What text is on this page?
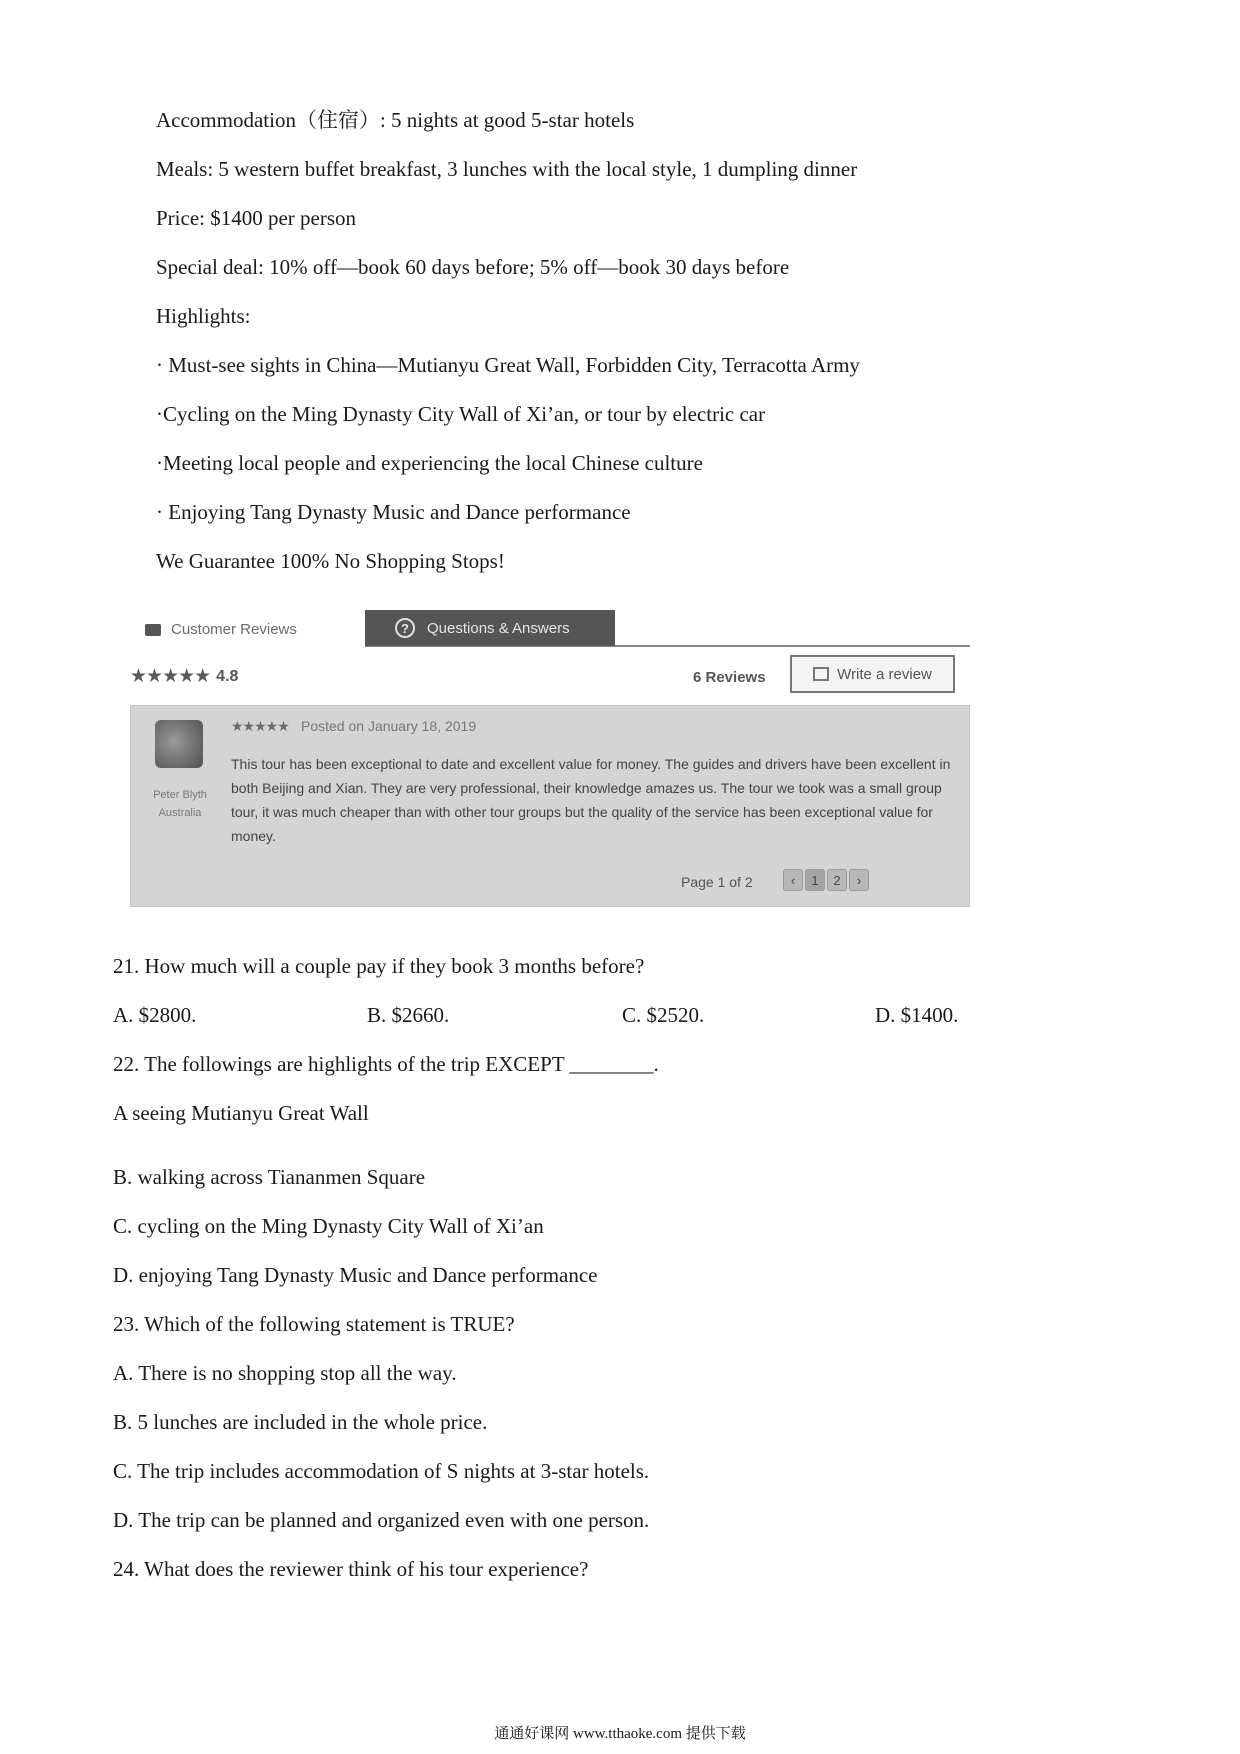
Accommodation（住宿）: 5 nights at good 5-star hotels
Meals: 5 western buffet breakfast, 3 lunches with the local style, 1 dumpling dinner
Price: $1400 per person
Special deal: 10% off—book 60 days before; 5% off—book 30 days before
Highlights:
· Must-see sights in China—Mutianyu Great Wall, Forbidden City, Terracotta Army
·Cycling on the Ming Dynasty City Wall of Xi’an, or tour by electric car
·Meeting local people and experiencing the local Chinese culture
· Enjoying Tang Dynasty Music and Dance performance
We Guarantee 100% No Shopping Stops!
Customer Reviews	?	Questions & Answers
★★★★★ 4.8	6 Reviews	Write a review
Peter Blyth
Australia
★★★★★ Posted on January 18, 2019
This tour has been exceptional to date and excellent value for money. The guides and drivers have been excellent in both Beijing and Xian. They are very professional, their knowledge amazes us. The tour we took was a small group tour, it was much cheaper than with other tour groups but the quality of the service has been exceptional value for money.
Page 1 of 2	‹	1	2	›
21. How much will a couple pay if they book 3 months before?
A. $2800.	B. $2660.	C. $2520.	D. $1400.
22. The followings are highlights of the trip EXCEPT ________.
A seeing Mutianyu Great Wall
B. walking across Tiananmen Square
C. cycling on the Ming Dynasty City Wall of Xi’an
D. enjoying Tang Dynasty Music and Dance performance
23. Which of the following statement is TRUE?
A. There is no shopping stop all the way.
B. 5 lunches are included in the whole price.
C. The trip includes accommodation of S nights at 3-star hotels.
D. The trip can be planned and organized even with one person.
24. What does the reviewer think of his tour experience?
通通好课网 www.tthaoke.com 提供下载
